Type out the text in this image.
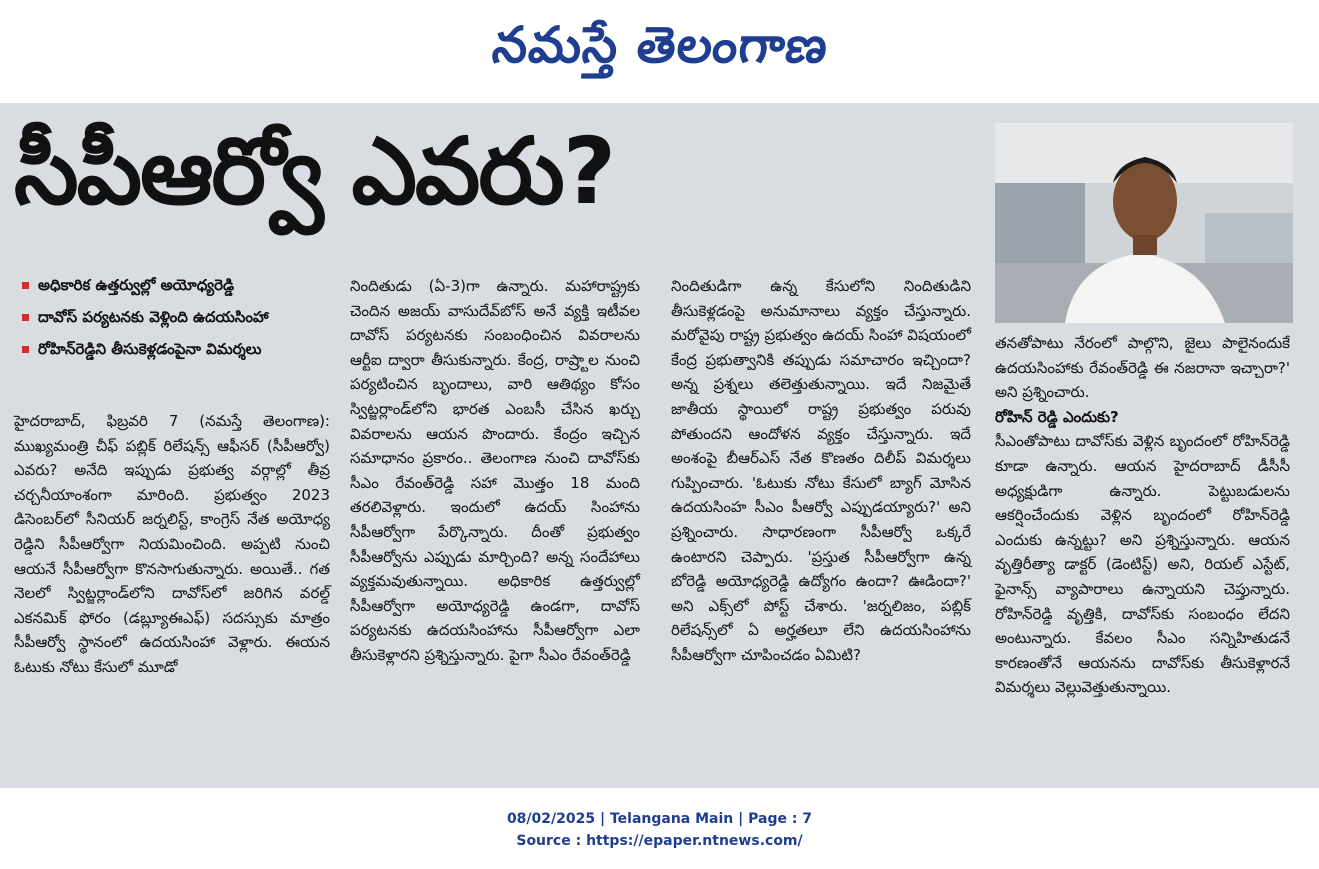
నమస్తే తెలంగాణ
సీపీఆర్వో ఎవరు?
అధికారిక ఉత్తర్వుల్లో అయోధ్యరెడ్డి
దావోస్ పర్యటనకు వెళ్లింది ఉదయసింహా
రోహిన్‌రెడ్డిని తీసుకెళ్లడంపైనా విమర్శలు

హైదరాబాద్, ఫిబ్రవరి 7 (నమస్తే తెలంగాణ): ముఖ్యమంత్రి చీఫ్ పబ్లిక్ రిలేషన్స్ ఆఫీసర్ (సీపీఆర్వో) ఎవరు? అనేది ఇప్పుడు ప్రభుత్వ వర్గాల్లో తీవ్ర చర్చనీయాంశంగా మారింది. ప్రభుత్వం 2023 డిసెంబర్‌లో సీనియర్ జర్నలిస్ట్, కాంగ్రెస్ నేత అయోధ్య రెడ్డిని సీపీఆర్వోగా నియమించింది. అప్పటి నుంచి ఆయనే సీపీఆర్వోగా కొనసాగుతున్నారు. అయితే.. గత నెలలో స్విట్జర్లాండ్‌లోని దావోస్‌లో జరిగిన వరల్డ్ ఎకనమిక్ ఫోరం (డబ్ల్యూఈఎఫ్) సదస్సుకు మాత్రం సీపీఆర్వో స్థానంలో ఉదయసింహా వెళ్లారు. ఈయన ఓటుకు నోటు కేసులో మూడో

నిందితుడు (ఏ-3)గా ఉన్నారు. మహారాష్ట్రకు చెందిన అజయ్ వాసుదేవ్‌బోస్ అనే వ్యక్తి ఇటీవల దావోస్ పర్యటనకు సంబంధించిన వివరాలను ఆర్టీఐ ద్వారా తీసుకున్నారు. కేంద్ర, రాష్ర్టాల నుంచి పర్యటించిన బృందాలు, వారి ఆతిథ్యం కోసం స్విట్జర్లాండ్‌లోని భారత ఎంబసీ చేసిన ఖర్చు వివరాలను ఆయన పొందారు. కేంద్రం ఇచ్చిన సమాధానం ప్రకారం.. తెలంగాణ నుంచి దావోస్‌కు సీఎం రేవంత్‌రెడ్డి సహా మొత్తం 18 మంది తరలివెళ్లారు. ఇందులో ఉదయ్ సింహాను సీపీఆర్వోగా పేర్కొన్నారు. దీంతో ప్రభుత్వం సీపీఆర్వోను ఎప్పుడు మార్చింది? అన్న సందేహాలు వ్యక్తమవుతున్నాయి. అధికారిక ఉత్తర్వుల్లో సీపీఆర్వోగా అయోధ్యరెడ్డి ఉండగా, దావోస్ పర్యటనకు ఉదయసింహాను సీపీఆర్వోగా ఎలా తీసుకెళ్లారని ప్రశ్నిస్తున్నారు. పైగా సీఎం రేవంత్‌రెడ్డి

నిందితుడిగా ఉన్న కేసులోని నిందితుడిని తీసుకెళ్లడంపై అనుమానాలు వ్యక్తం చేస్తున్నారు. మరోవైపు రాష్ట్ర ప్రభుత్వం ఉదయ్ సింహా విషయంలో కేంద్ర ప్రభుత్వానికి తప్పుడు సమాచారం ఇచ్చిందా? అన్న ప్రశ్నలు తలెత్తుతున్నాయి. ఇదే నిజమైతే జాతీయ స్థాయిలో రాష్ట్ర ప్రభుత్వం పరువు పోతుందని ఆందోళన వ్యక్తం చేస్తున్నారు. ఇదే అంశంపై బీఆర్‌ఎస్ నేత కొణతం దిలీప్ విమర్శలు గుప్పించారు. 'ఓటుకు నోటు కేసులో బ్యాగ్ మోసిన ఉదయసింహ సీఎం పీఆర్వో ఎప్పుడయ్యారు?' అని ప్రశ్నించారు. సాధారణంగా సీపీఆర్వో ఒక్కరే ఉంటారని చెప్పారు. 'ప్రస్తుత సీపీఆర్వోగా ఉన్న బోరెడ్డి అయోధ్యరెడ్డి ఉద్యోగం ఉందా? ఊడిందా?' అని ఎక్స్‌లో పోస్ట్ చేశారు. 'జర్నలిజం, పబ్లిక్ రిలేషన్స్‌లో ఏ అర్హతలూ లేని ఉదయసింహాను సీపీఆర్వోగా చూపించడం ఏమిటి?

తనతోపాటు నేరంలో పాల్గొని, జైలు పాలైనందుకే ఉదయసింహాకు రేవంత్‌రెడ్డి ఈ నజరానా ఇచ్చారా?' అని ప్రశ్నించారు.

రోహిన్ రెడ్డి ఎందుకు?

సీఎంతోపాటు దావోస్‌కు వెళ్లిన బృందంలో రోహిన్‌రెడ్డి కూడా ఉన్నారు. ఆయన హైదరాబాద్ డీసీసీ అధ్యక్షుడిగా ఉన్నారు. పెట్టుబడులను ఆకర్షించేందుకు వెళ్లిన బృందంలో రోహిన్‌రెడ్డి ఎందుకు ఉన్నట్టు? అని ప్రశ్నిస్తున్నారు. ఆయన వృత్తిరీత్యా డాక్టర్ (డెంటిస్ట్) అని, రియల్ ఎస్టేట్, ఫైనాన్స్ వ్యాపారాలు ఉన్నాయని చెప్తున్నారు. రోహిన్‌రెడ్డి వృత్తికి, దావోస్‌కు సంబంధం లేదని అంటున్నారు. కేవలం సీఎం సన్నిహితుడనే కారణంతోనే ఆయనను దావోస్‌కు తీసుకెళ్లారనే విమర్శలు వెల్లువెత్తుతున్నాయి.

08/02/2025 | Telangana Main | Page : 7
Source : https://epaper.ntnews.com/
